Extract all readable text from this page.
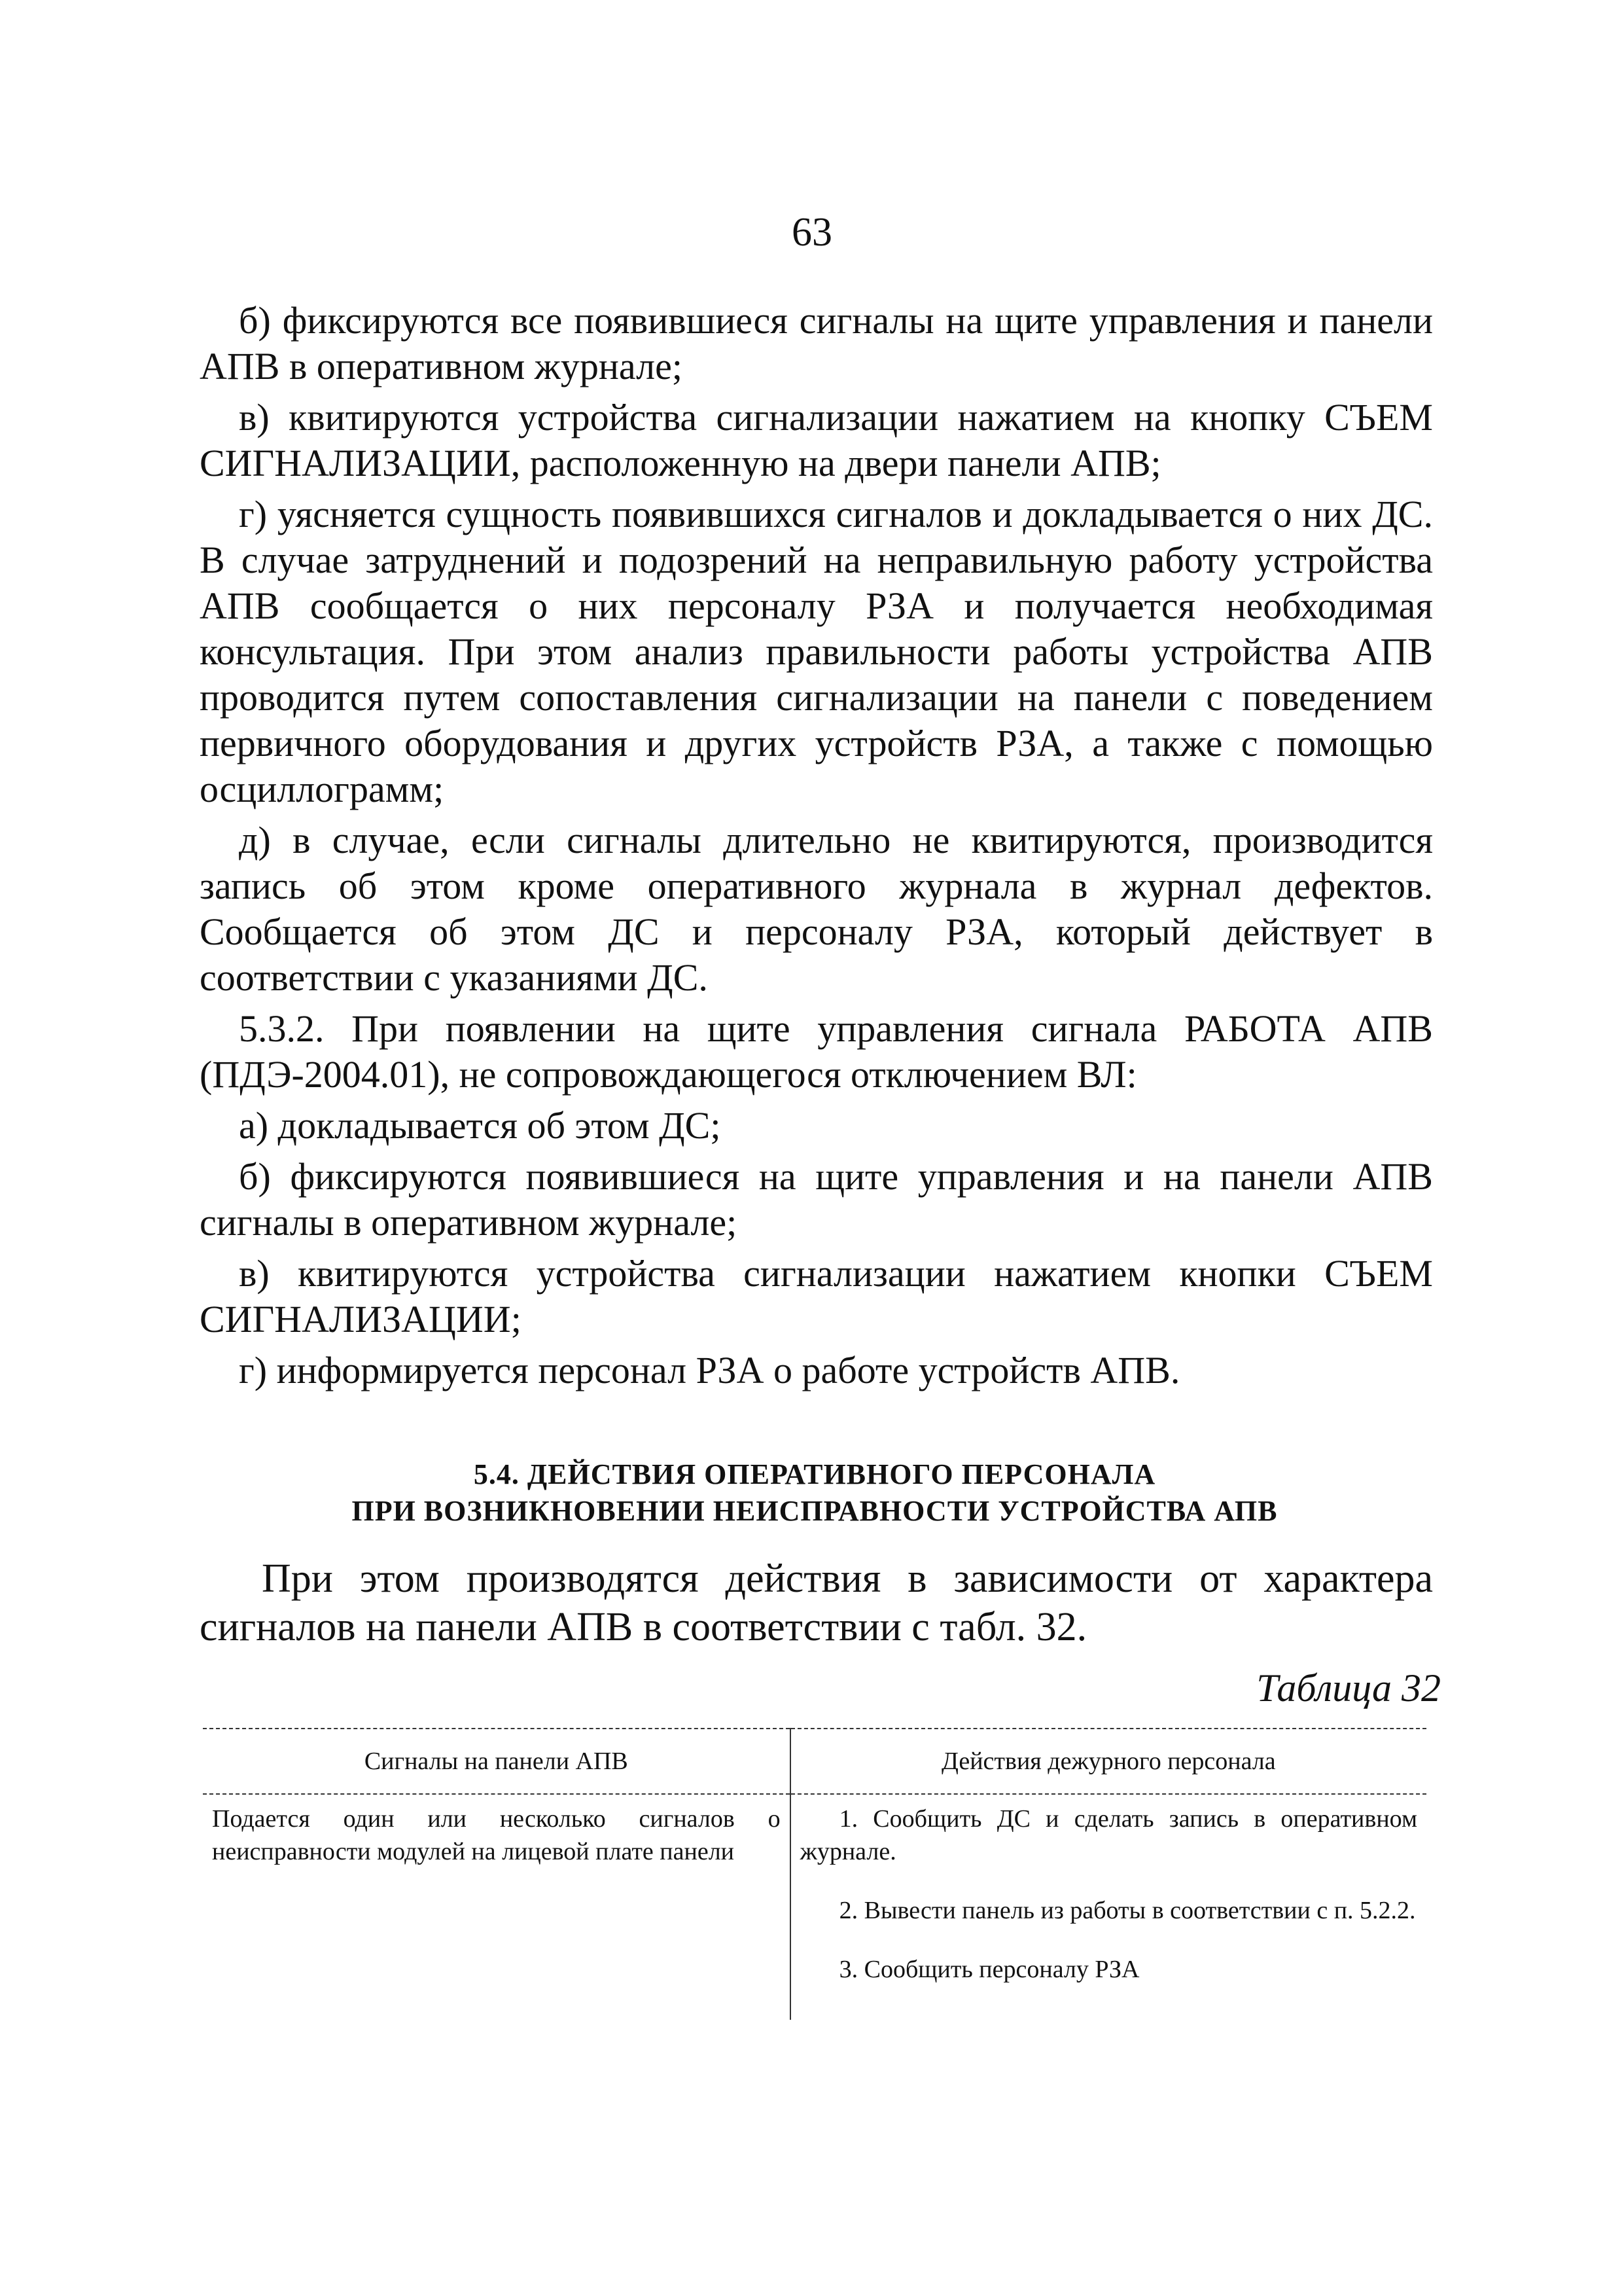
63

б) фиксируются все появившиеся сигналы на щите управления и панели АПВ в оперативном журнале;

в) квитируются устройства сигнализации нажатием на кнопку СЪЕМ СИГНАЛИЗАЦИИ, расположенную на двери панели АПВ;

г) уясняется сущность появившихся сигналов и докладывается о них ДС. В случае затруднений и подозрений на неправильную работу устройства АПВ сообщается о них персоналу РЗА и получается необходимая консультация. При этом анализ правильности работы устройства АПВ проводится путем сопоставления сигнализации на панели с поведением первичного оборудования и других устройств РЗА, а также с помощью осциллограмм;

д) в случае, если сигналы длительно не квитируются, производится запись об этом кроме оперативного журнала в журнал дефектов. Сообщается об этом ДС и персоналу РЗА, который действует в соответствии с указаниями ДС.

5.3.2. При появлении на щите управления сигнала РАБОТА АПВ (ПДЭ-2004.01), не сопровождающегося отключением ВЛ:

а) докладывается об этом ДС;

б) фиксируются появившиеся на щите управления и на панели АПВ сигналы в оперативном журнале;

в) квитируются устройства сигнализации нажатием кнопки СЪЕМ СИГНАЛИЗАЦИИ;

г) информируется персонал РЗА о работе устройств АПВ.

5.4. ДЕЙСТВИЯ ОПЕРАТИВНОГО ПЕРСОНАЛА
ПРИ ВОЗНИКНОВЕНИИ НЕИСПРАВНОСТИ УСТРОЙСТВА АПВ

При этом производятся действия в зависимости от характера сигналов на панели АПВ в соответствии с табл. 32.

Таблица 32
Сигналы на панели АПВ	Действия дежурного персонала

Подается один или несколько сигналов о неисправности модулей на лицевой плате панели	1. Сообщить ДС и сделать запись в оперативном журнале.
2. Вывести панель из работы в соответствии с п. 5.2.2.
3. Сообщить персоналу РЗА
